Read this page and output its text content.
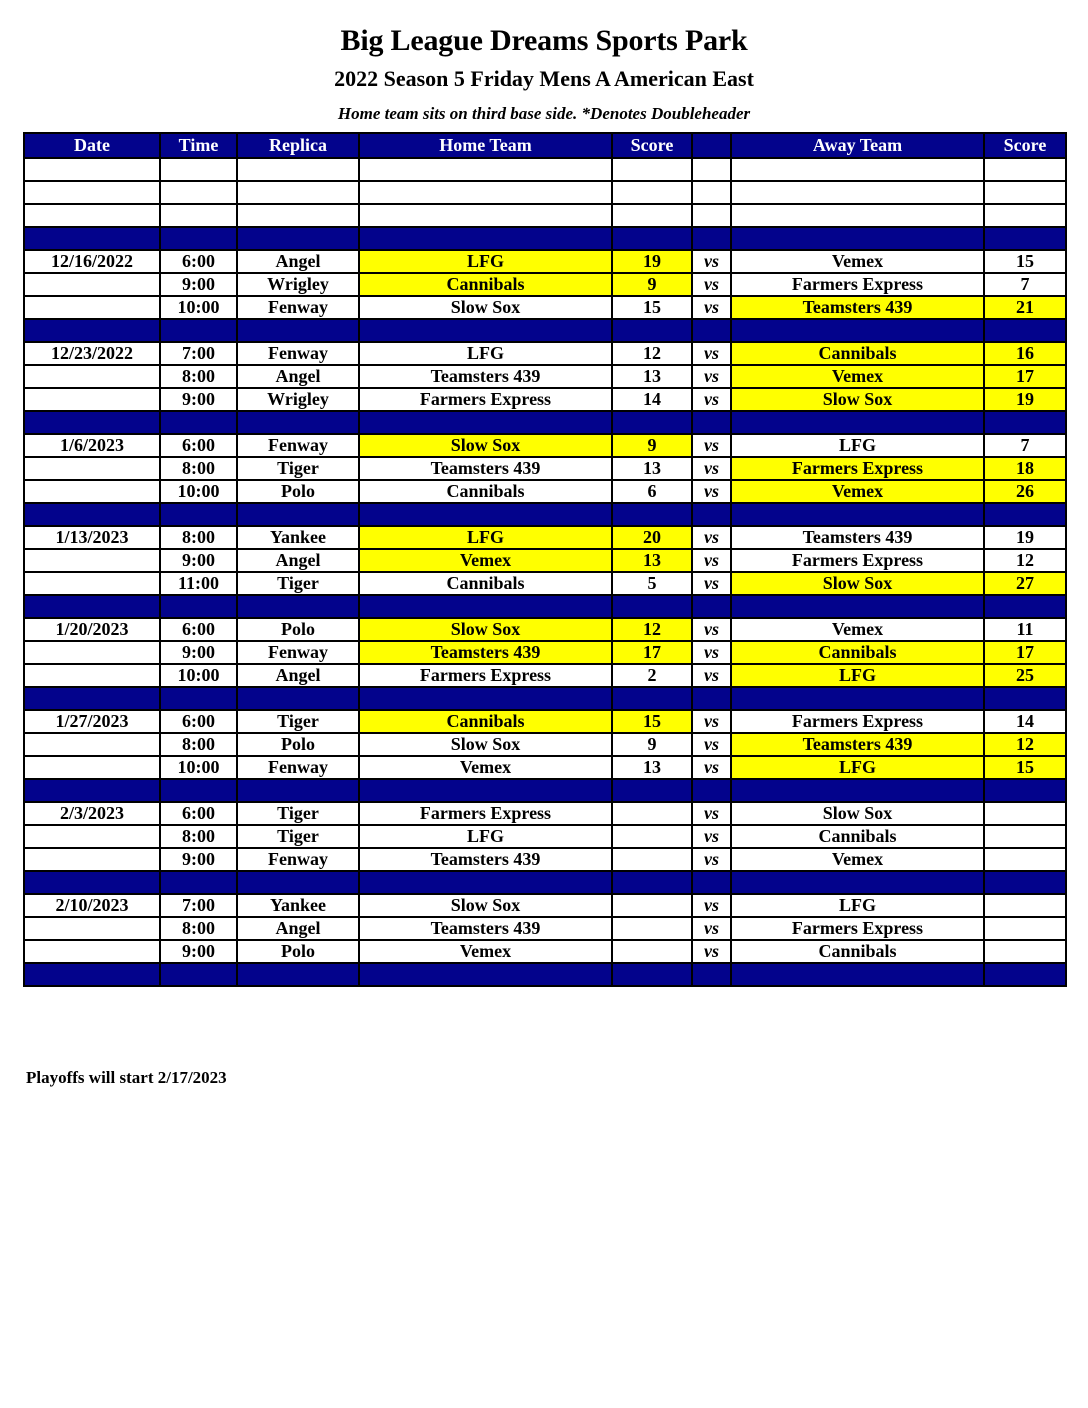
Big League Dreams Sports Park
2022 Season 5 Friday Mens A American East
Home team sits on third base side. *Denotes Doubleheader
Date	Time	Replica	Home Team	Score		Away Team	Score

12/16/2022	6:00	Angel	LFG	19	vs	Vemex	15
	9:00	Wrigley	Cannibals	9	vs	Farmers Express	7
	10:00	Fenway	Slow Sox	15	vs	Teamsters 439	21

12/23/2022	7:00	Fenway	LFG	12	vs	Cannibals	16
	8:00	Angel	Teamsters 439	13	vs	Vemex	17
	9:00	Wrigley	Farmers Express	14	vs	Slow Sox	19

1/6/2023	6:00	Fenway	Slow Sox	9	vs	LFG	7
	8:00	Tiger	Teamsters 439	13	vs	Farmers Express	18
	10:00	Polo	Cannibals	6	vs	Vemex	26

1/13/2023	8:00	Yankee	LFG	20	vs	Teamsters 439	19
	9:00	Angel	Vemex	13	vs	Farmers Express	12
	11:00	Tiger	Cannibals	5	vs	Slow Sox	27

1/20/2023	6:00	Polo	Slow Sox	12	vs	Vemex	11
	9:00	Fenway	Teamsters 439	17	vs	Cannibals	17
	10:00	Angel	Farmers Express	2	vs	LFG	25

1/27/2023	6:00	Tiger	Cannibals	15	vs	Farmers Express	14
	8:00	Polo	Slow Sox	9	vs	Teamsters 439	12
	10:00	Fenway	Vemex	13	vs	LFG	15

2/3/2023	6:00	Tiger	Farmers Express		vs	Slow Sox	
	8:00	Tiger	LFG		vs	Cannibals	
	9:00	Fenway	Teamsters 439		vs	Vemex	

2/10/2023	7:00	Yankee	Slow Sox		vs	LFG	
	8:00	Angel	Teamsters 439		vs	Farmers Express	
	9:00	Polo	Vemex		vs	Cannibals	

Playoffs will start 2/17/2023
